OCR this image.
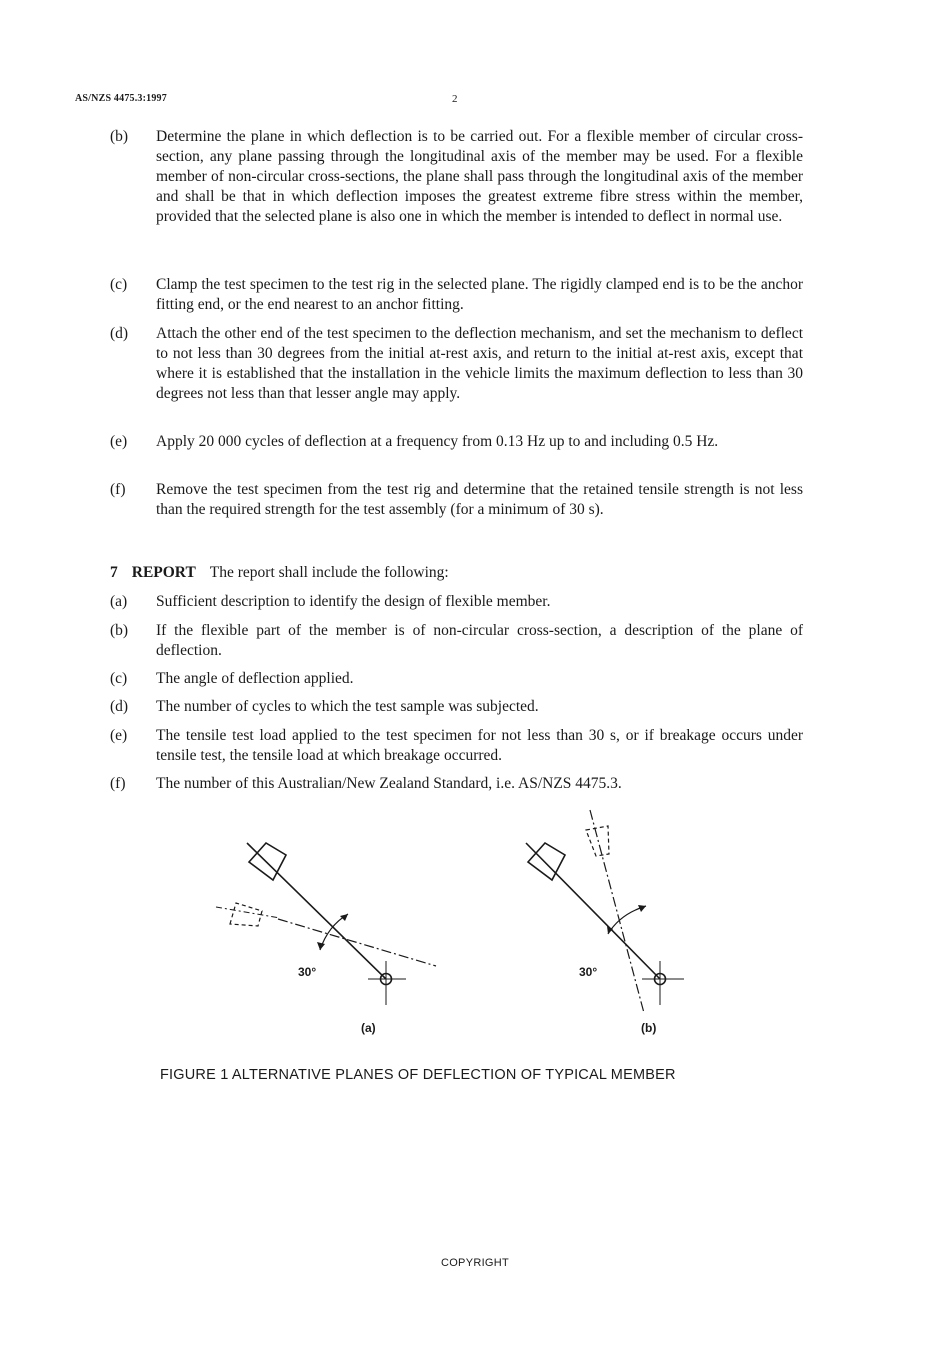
AS/NZS 4475.3:1997	2
(b) Determine the plane in which deflection is to be carried out. For a flexible member of circular cross-section, any plane passing through the longitudinal axis of the member may be used. For a flexible member of non-circular cross-sections, the plane shall pass through the longitudinal axis of the member and shall be that in which deflection imposes the greatest extreme fibre stress within the member, provided that the selected plane is also one in which the member is intended to deflect in normal use.
(c) Clamp the test specimen to the test rig in the selected plane. The rigidly clamped end is to be the anchor fitting end, or the end nearest to an anchor fitting.
(d) Attach the other end of the test specimen to the deflection mechanism, and set the mechanism to deflect to not less than 30 degrees from the initial at-rest axis, and return to the initial at-rest axis, except that where it is established that the installation in the vehicle limits the maximum deflection to less than 30 degrees not less than that lesser angle may apply.
(e) Apply 20 000 cycles of deflection at a frequency from 0.13 Hz up to and including 0.5 Hz.
(f) Remove the test specimen from the test rig and determine that the retained tensile strength is not less than the required strength for the test assembly (for a minimum of 30 s).
7 REPORT The report shall include the following:
(a) Sufficient description to identify the design of flexible member.
(b) If the flexible part of the member is of non-circular cross-section, a description of the plane of deflection.
(c) The angle of deflection applied.
(d) The number of cycles to which the test sample was subjected.
(e) The tensile test load applied to the test specimen for not less than 30 s, or if breakage occurs under tensile test, the tensile load at which breakage occurred.
(f) The number of this Australian/New Zealand Standard, i.e. AS/NZS 4475.3.
30°
(a)
30°
(b)
FIGURE 1 ALTERNATIVE PLANES OF DEFLECTION OF TYPICAL MEMBER
COPYRIGHT
